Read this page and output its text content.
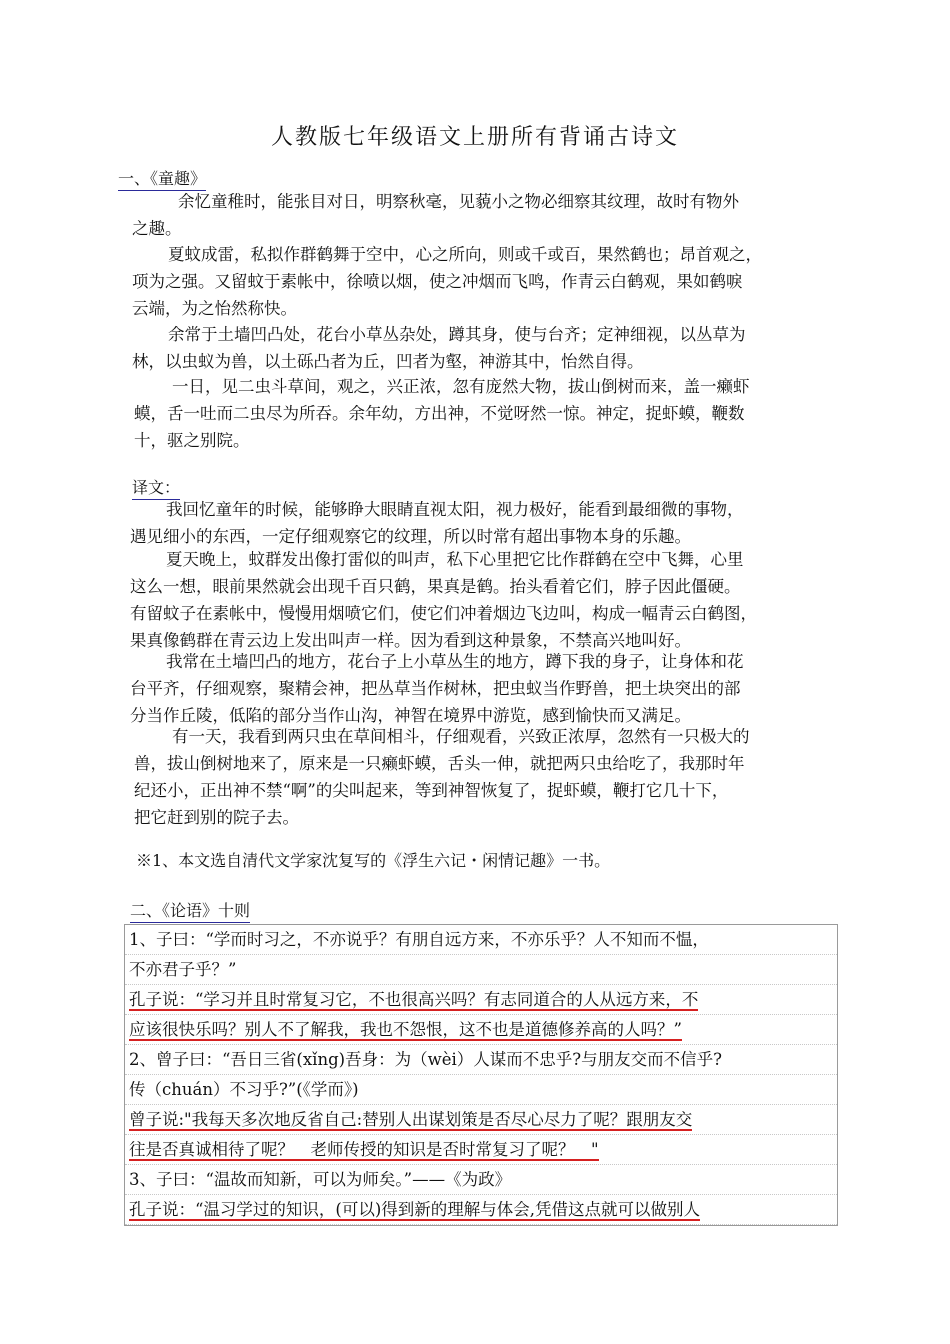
人教版七年级语文上册所有背诵古诗文
一、《童趣》
余忆童稚时，能张目对日，明察秋毫，见藐小之物必细察其纹理，故时有物外
之趣。
夏蚊成雷，私拟作群鹤舞于空中，心之所向，则或千或百，果然鹤也；昂首观之，
项为之强。又留蚊于素帐中，徐喷以烟，使之冲烟而飞鸣，作青云白鹤观，果如鹤唳
云端，为之怡然称快。
余常于土墙凹凸处，花台小草丛杂处，蹲其身，使与台齐；定神细视，以丛草为
林，以虫蚁为兽，以土砾凸者为丘，凹者为壑，神游其中，怡然自得。
一日，见二虫斗草间，观之，兴正浓，忽有庞然大物，拔山倒树而来，盖一癞虾
蟆，舌一吐而二虫尽为所吞。余年幼，方出神，不觉呀然一惊。神定，捉虾蟆，鞭数
十，驱之别院。
译文：
我回忆童年的时候，能够睁大眼睛直视太阳，视力极好，能看到最细微的事物，
遇见细小的东西，一定仔细观察它的纹理，所以时常有超出事物本身的乐趣。
夏天晚上，蚊群发出像打雷似的叫声，私下心里把它比作群鹤在空中飞舞，心里
这么一想，眼前果然就会出现千百只鹤，果真是鹤。抬头看着它们，脖子因此僵硬。
有留蚊子在素帐中，慢慢用烟喷它们，使它们冲着烟边飞边叫，构成一幅青云白鹤图，
果真像鹤群在青云边上发出叫声一样。因为看到这种景象，不禁高兴地叫好。
我常在土墙凹凸的地方，花台子上小草丛生的地方，蹲下我的身子，让身体和花
台平齐，仔细观察，聚精会神，把丛草当作树林，把虫蚁当作野兽，把土块突出的部
分当作丘陵，低陷的部分当作山沟，神智在境界中游览，感到愉快而又满足。
有一天，我看到两只虫在草间相斗，仔细观看，兴致正浓厚，忽然有一只极大的
兽，拔山倒树地来了，原来是一只癞虾蟆，舌头一伸，就把两只虫给吃了，我那时年
纪还小，正出神不禁“啊”的尖叫起来，等到神智恢复了，捉虾蟆，鞭打它几十下，
把它赶到别的院子去。
※1、本文选自清代文学家沈复写的《浮生六记・闲情记趣》一书。
二、《论语》十则
1、子曰：“学而时习之，不亦说乎？有朋自远方来，不亦乐乎？人不知而不愠，
不亦君子乎？”
孔子说：“学习并且时常复习它，不也很高兴吗？有志同道合的人从远方来，不
应该很快乐吗？别人不了解我，我也不怨恨，这不也是道德修养高的人吗？”
2、曾子曰：“吾日三省(xǐng)吾身：为（wèi）人谋而不忠乎?与朋友交而不信乎?
传（chuán）不习乎?”(《学而》)
曾子说:"我每天多次地反省自己:替别人出谋划策是否尽心尽力了呢？跟朋友交
往是否真诚相待了呢？　老师传授的知识是否时常复习了呢？　"
3、子曰：“温故而知新，可以为师矣。”——《为政》
孔子说：“温习学过的知识，(可以)得到新的理解与体会,凭借这点就可以做别人
